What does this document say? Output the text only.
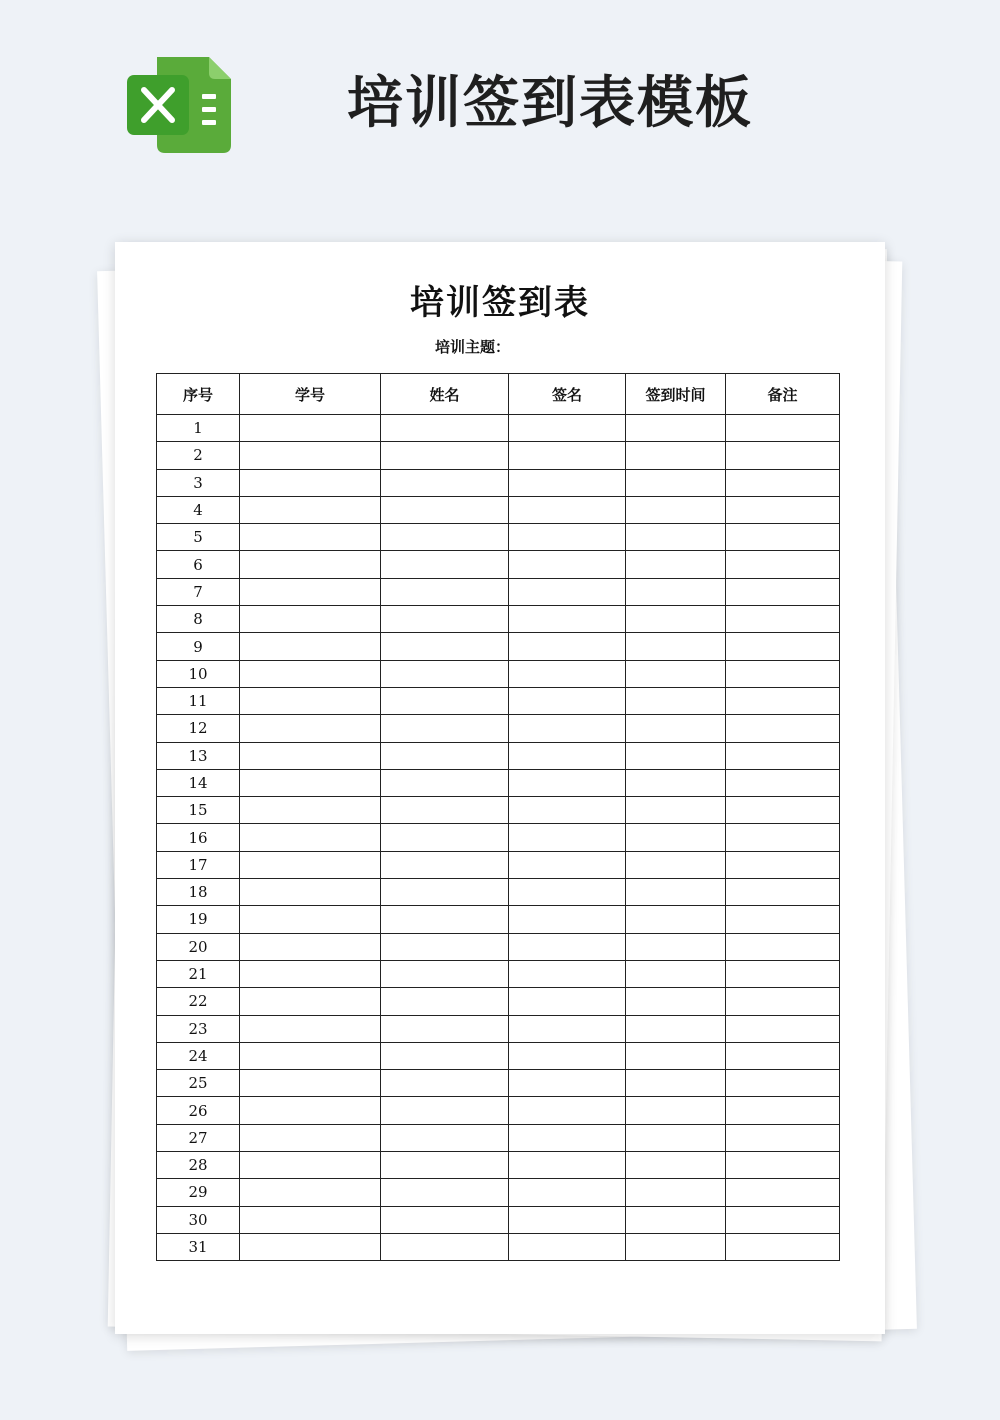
培训签到表模板
培训签到表
培训主题：
序号	学号	姓名	签名	签到时间	备注
1					
2					
3					
4					
5					
6					
7					
8					
9					
10					
11					
12					
13					
14					
15					
16					
17					
18					
19					
20					
21					
22					
23					
24					
25					
26					
27					
28					
29					
30					
31					
